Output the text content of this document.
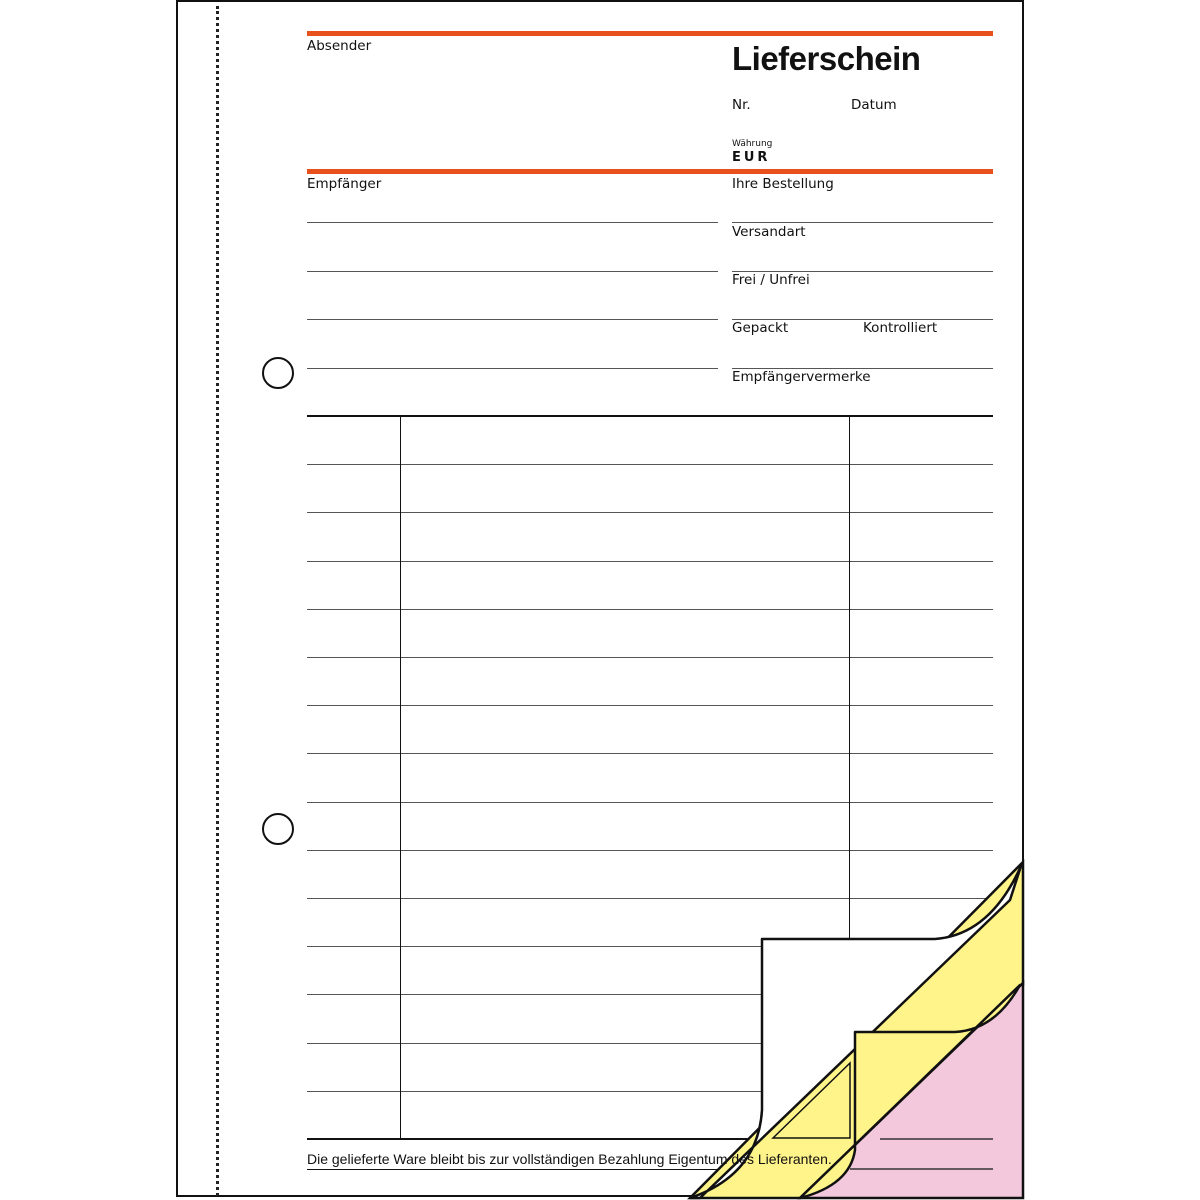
Absender	Lieferschein
Nr.	Datum
Währung
EUR
Empfänger	Ihre Bestellung
Versandart
Frei / Unfrei
Gepackt	Kontrolliert
Empfängervermerke
Die gelieferte Ware bleibt bis zur vollständigen Bezahlung Eigentum des Lieferanten.
